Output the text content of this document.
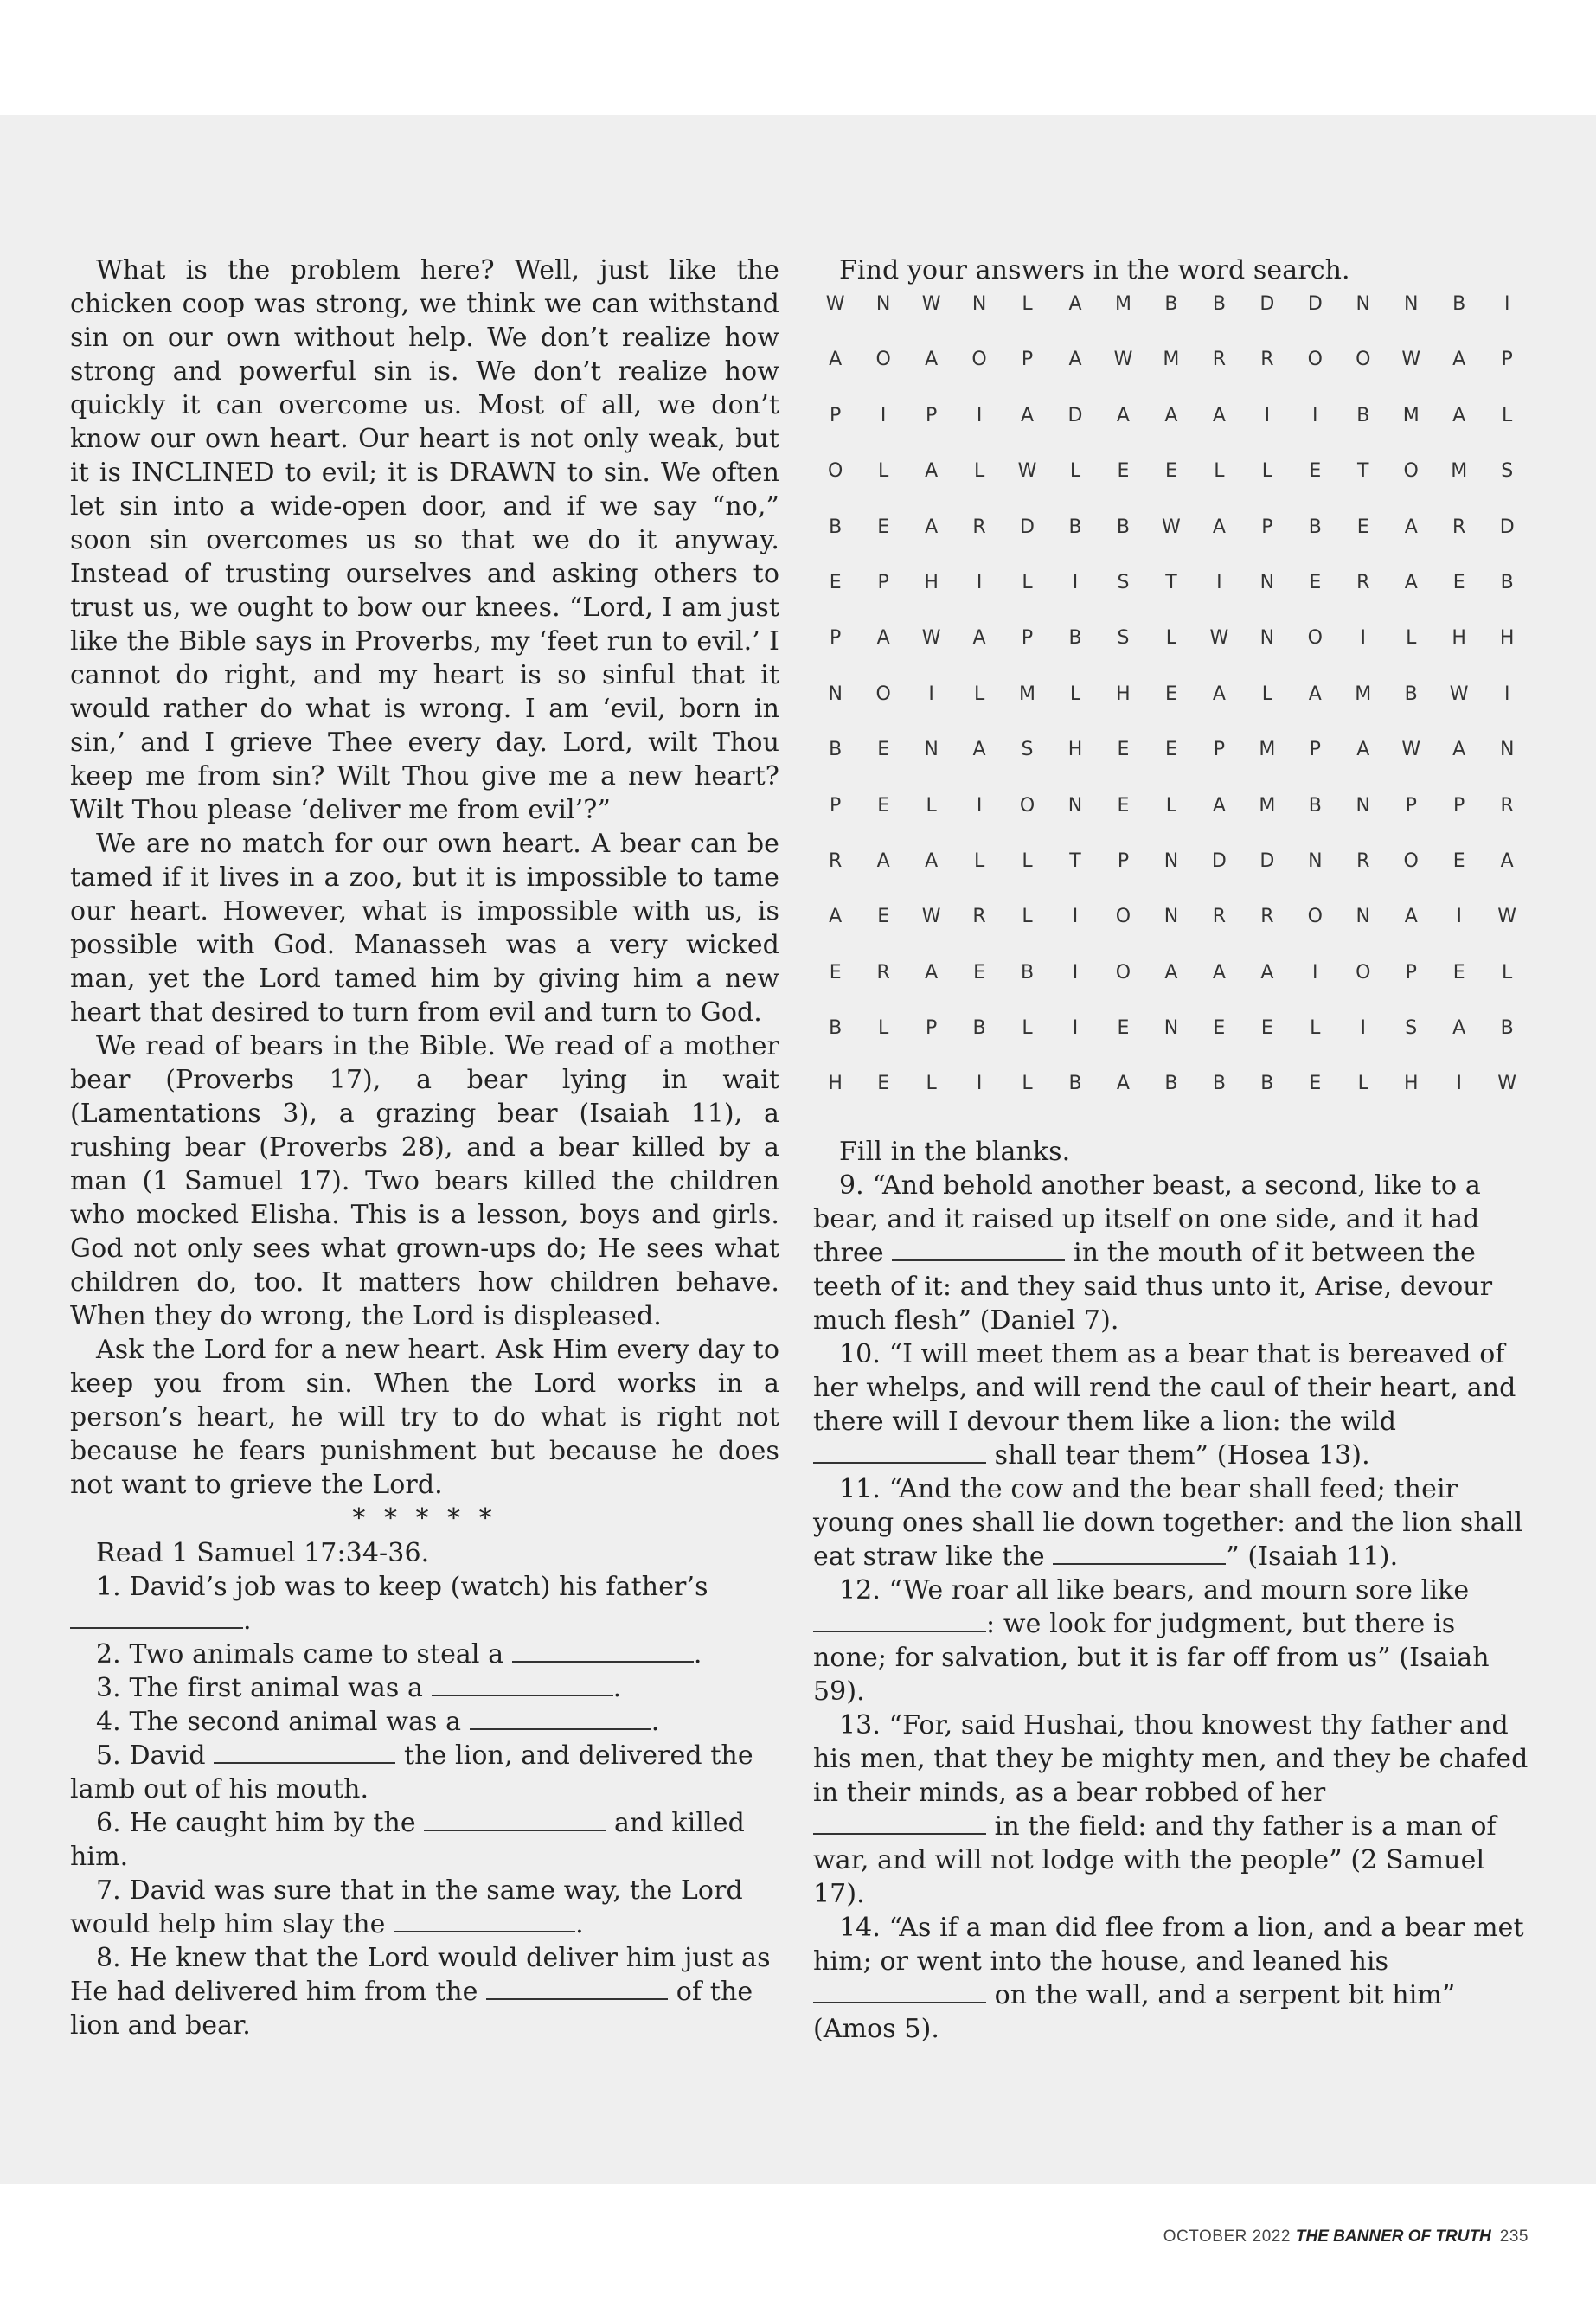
What is the problem here? Well, just like the chicken coop was strong, we think we can withstand sin on our own without help. We don’t realize how strong and powerful sin is. We don’t realize how quickly it can overcome us. Most of all, we don’t know our own heart. Our heart is not only weak, but it is INCLINED to evil; it is DRAWN to sin. We often let sin into a wide-open door, and if we say “no,” soon sin overcomes us so that we do it anyway. Instead of trusting ourselves and asking others to trust us, we ought to bow our knees. “Lord, I am just like the Bible says in Proverbs, my ‘feet run to evil.’ I cannot do right, and my heart is so sinful that it would rather do what is wrong. I am ‘evil, born in sin,’ and I grieve Thee every day. Lord, wilt Thou keep me from sin? Wilt Thou give me a new heart? Wilt Thou please ‘deliver me from evil’?”

We are no match for our own heart. A bear can be tamed if it lives in a zoo, but it is impossible to tame our heart. However, what is impossible with us, is possible with God. Manasseh was a very wicked man, yet the Lord tamed him by giving him a new heart that desired to turn from evil and turn to God.

We read of bears in the Bible. We read of a mother bear (Proverbs 17), a bear lying in wait (Lamentations 3), a grazing bear (Isaiah 11), a rushing bear (Proverbs 28), and a bear killed by a man (1 Samuel 17). Two bears killed the children who mocked Elisha. This is a lesson, boys and girls. God not only sees what grown-ups do; He sees what children do, too. It matters how children behave. When they do wrong, the Lord is displeased.

Ask the Lord for a new heart. Ask Him every day to keep you from sin. When the Lord works in a person’s heart, he will try to do what is right not because he fears punishment but because he does not want to grieve the Lord.

* * * * *

Read 1 Samuel 17:34-36.

1. David’s job was to keep (watch) his father’s
.

2. Two animals came to steal a	.

3. The first animal was a	.

4. The second animal was a	.

5. David	the lion, and delivered the lamb out of his mouth.

6. He caught him by the	and killed him.

7. David was sure that in the same way, the Lord would help him slay the	.

8. He knew that the Lord would deliver him just as He had delivered him from the	of the lion and bear.

Find your answers in the word search.

W	N	W	N	L	A	M	B	B	D	D	N	N	B	I
A	O	A	O	P	A	W	M	R	R	O	O	W	A	P
P	I	P	I	A	D	A	A	A	I	I	B	M	A	L
O	L	A	L	W	L	E	E	L	L	E	T	O	M	S
B	E	A	R	D	B	B	W	A	P	B	E	A	R	D
E	P	H	I	L	I	S	T	I	N	E	R	A	E	B
P	A	W	A	P	B	S	L	W	N	O	I	L	H	H
N	O	I	L	M	L	H	E	A	L	A	M	B	W	I
B	E	N	A	S	H	E	E	P	M	P	A	W	A	N
P	E	L	I	O	N	E	L	A	M	B	N	P	P	R
R	A	A	L	L	T	P	N	D	D	N	R	O	E	A
A	E	W	R	L	I	O	N	R	R	O	N	A	I	W
E	R	A	E	B	I	O	A	A	A	I	O	P	E	L
B	L	P	B	L	I	E	N	E	E	L	I	S	A	B
H	E	L	I	L	B	A	B	B	B	E	L	H	I	W

Fill in the blanks.

9. “And behold another beast, a second, like to a bear, and it raised up itself on one side, and it had three	in the mouth of it between the teeth of it: and they said thus unto it, Arise, devour much flesh” (Daniel 7).

10. “I will meet them as a bear that is bereaved of her whelps, and will rend the caul of their heart, and there will I devour them like a lion: the wild
shall tear them” (Hosea 13).

11. “And the cow and the bear shall feed; their young ones shall lie down together: and the lion shall eat straw like the	” (Isaiah 11).

12. “We roar all like bears, and mourn sore like
: we look for judgment, but there is none; for salvation, but it is far off from us” (Isaiah 59).

13. “For, said Hushai, thou knowest thy father and his men, that they be mighty men, and they be chafed in their minds, as a bear robbed of her
in the field: and thy father is a man of war, and will not lodge with the people” (2 Samuel 17).

14. “As if a man did flee from a lion, and a bear met him; or went into the house, and leaned his
on the wall, and a serpent bit him” (Amos 5).

OCTOBER 2022 THE BANNER OF TRUTH 235
